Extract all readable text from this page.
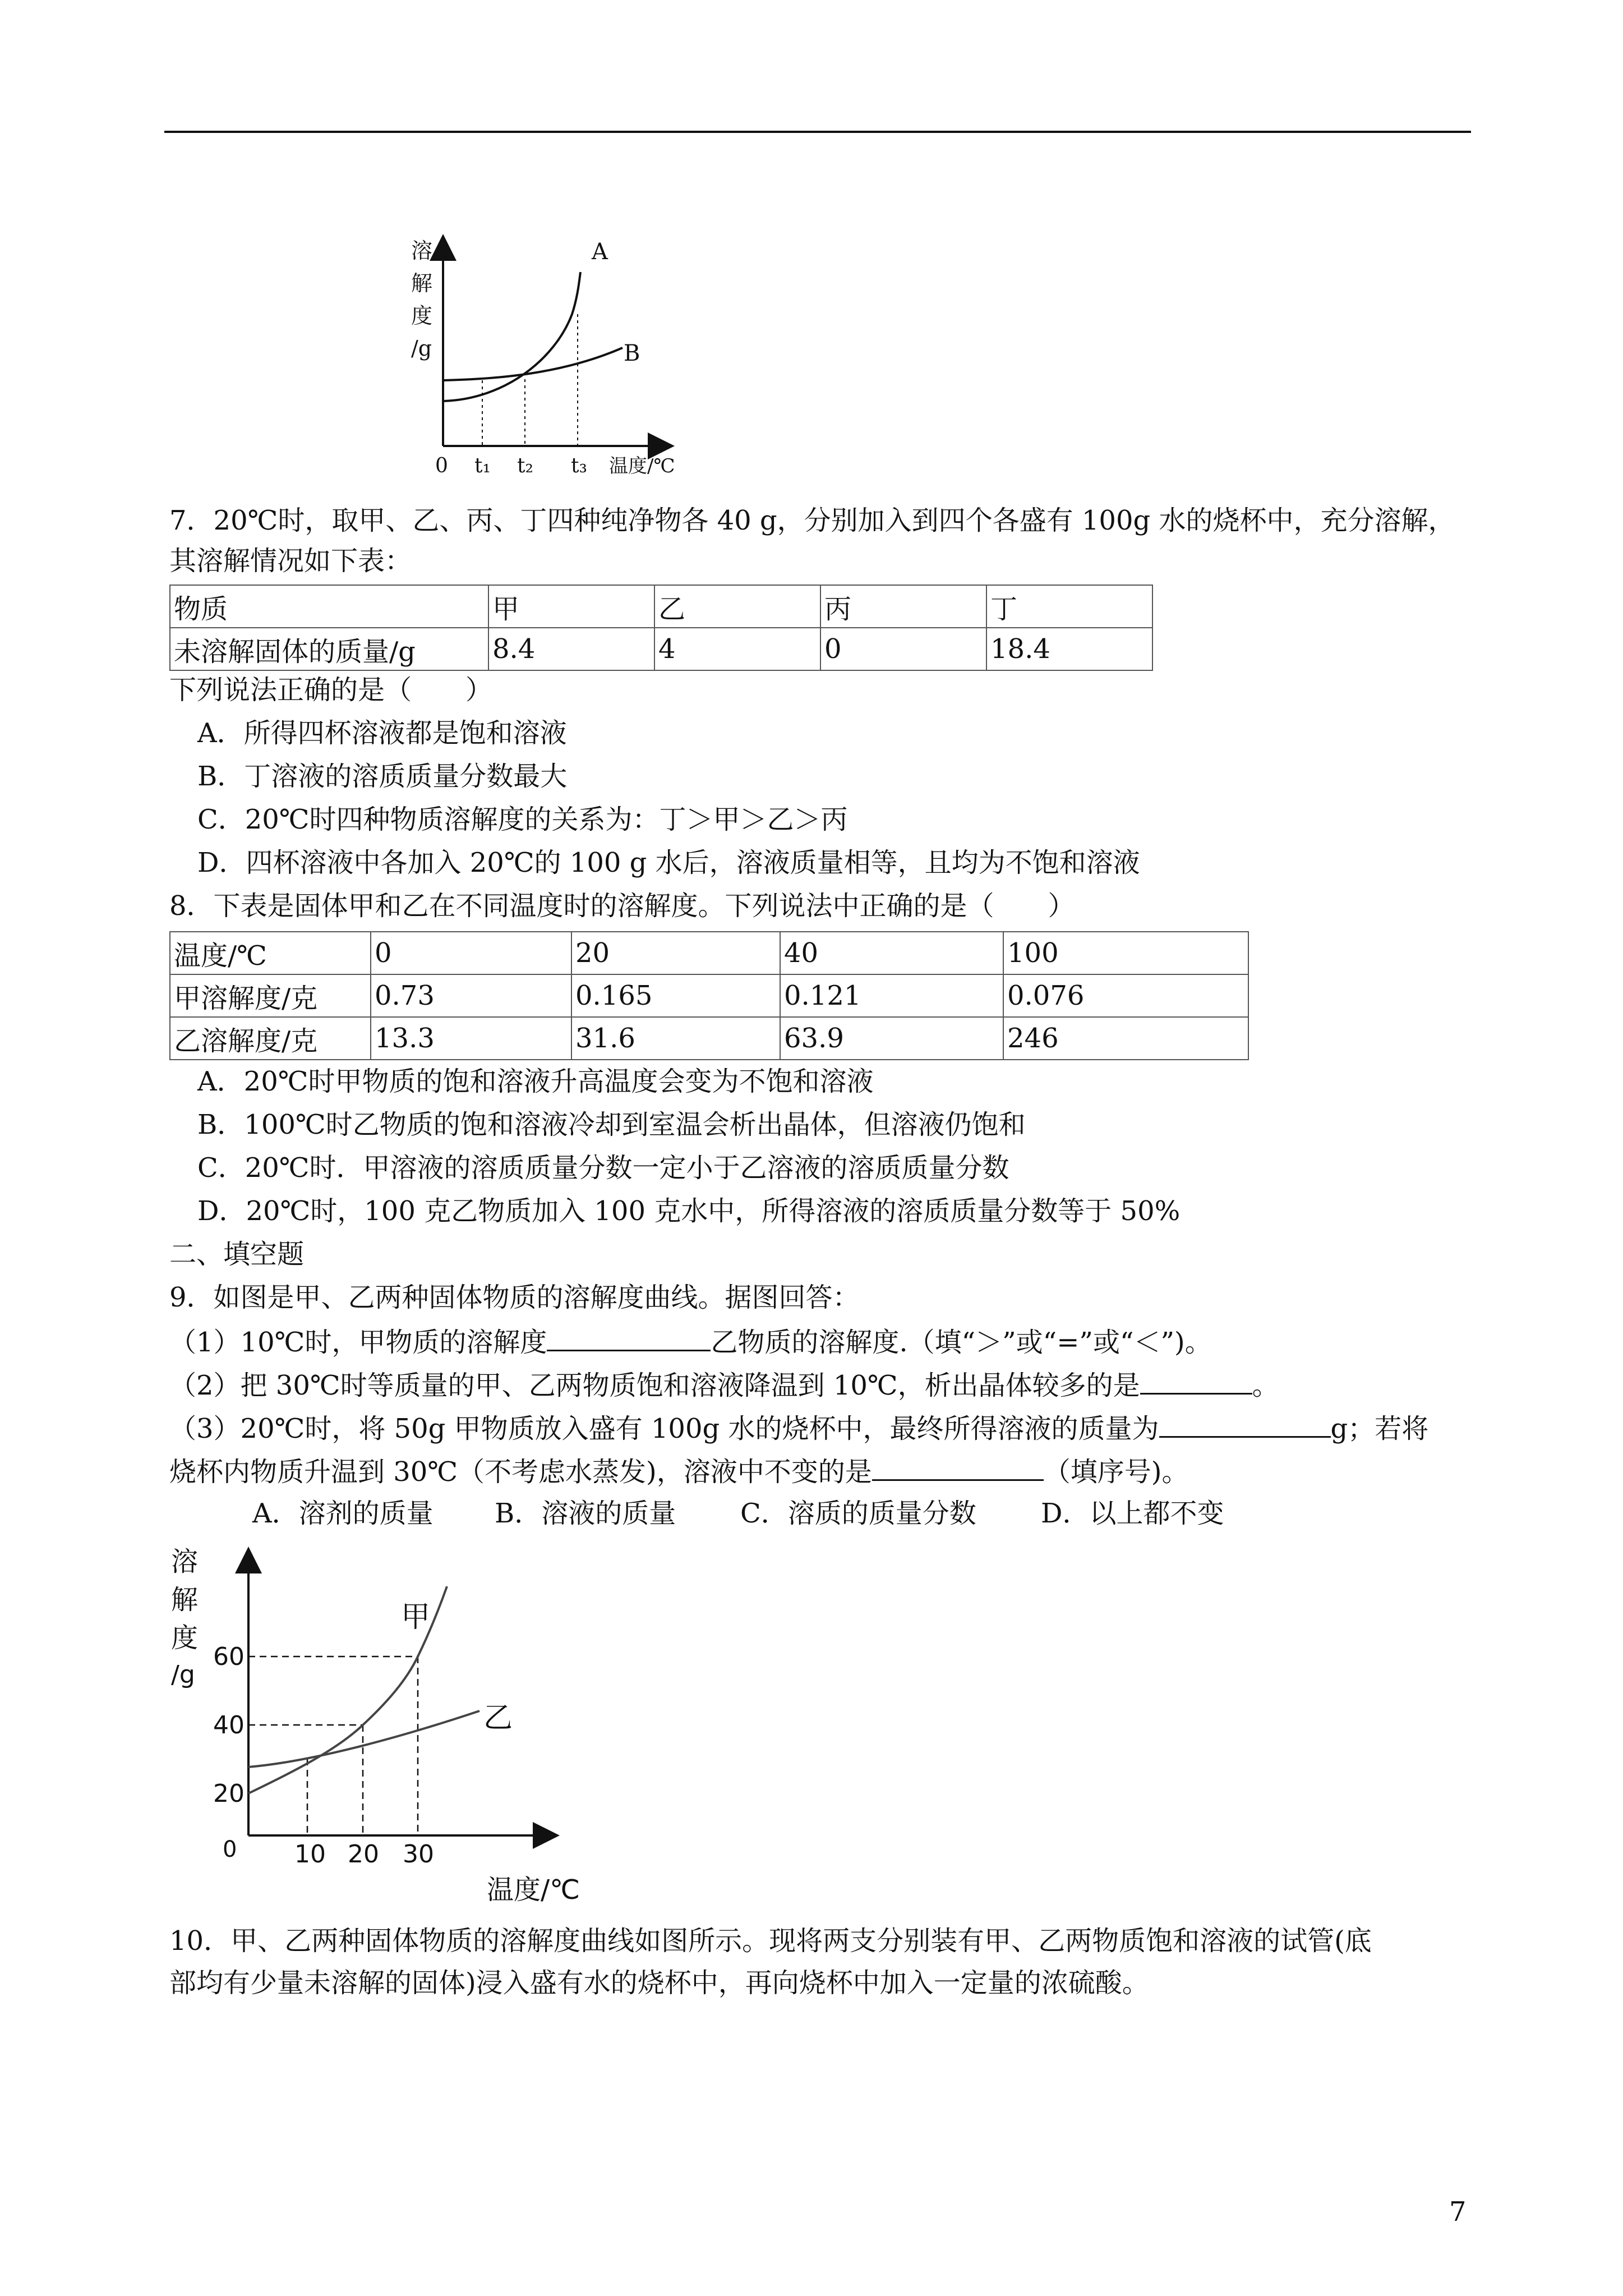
溶
解
度
/g
A
B
0 t₁ t₂ t₃ 温度/℃
7．20℃时，取甲、乙、丙、丁四种纯净物各 40 g，分别加入到四个各盛有 100g 水的烧杯中，充分溶解，
其溶解情况如下表：
物质	甲	乙	丙	丁
未溶解固体的质量/g	8.4	4	0	18.4
下列说法正确的是（　　）
A．所得四杯溶液都是饱和溶液
B．丁溶液的溶质质量分数最大
C．20℃时四种物质溶解度的关系为：丁＞甲＞乙＞丙
D．四杯溶液中各加入 20℃的 100 g 水后，溶液质量相等，且均为不饱和溶液
8．下表是固体甲和乙在不同温度时的溶解度。下列说法中正确的是（　　）
温度/℃	0	20	40	100
甲溶解度/克	0.73	0.165	0.121	0.076
乙溶解度/克	13.3	31.6	63.9	246
A．20℃时甲物质的饱和溶液升高温度会变为不饱和溶液
B．100℃时乙物质的饱和溶液冷却到室温会析出晶体，但溶液仍饱和
C．20℃时．甲溶液的溶质质量分数一定小于乙溶液的溶质质量分数
D．20℃时，100 克乙物质加入 100 克水中，所得溶液的溶质质量分数等于 50%
二、填空题
9．如图是甲、乙两种固体物质的溶解度曲线。据图回答：
（1）10℃时，甲物质的溶解度	乙物质的溶解度.（填“＞”或“=”或“＜”)。
（2）把 30℃时等质量的甲、乙两物质饱和溶液降温到 10℃，析出晶体较多的是	。
（3）20℃时，将 50g 甲物质放入盛有 100g 水的烧杯中，最终所得溶液的质量为	g；若将
烧杯内物质升温到 30℃（不考虑水蒸发)，溶液中不变的是	（填序号)。
A．溶剂的质量 B．溶液的质量 C．溶质的质量分数 D．以上都不变
溶
解
度
/g
60
40
20
0 10 20 30
甲
乙
温度/℃
10．甲、乙两种固体物质的溶解度曲线如图所示。现将两支分别装有甲、乙两物质饱和溶液的试管(底
部均有少量未溶解的固体)浸入盛有水的烧杯中，再向烧杯中加入一定量的浓硫酸。
7
